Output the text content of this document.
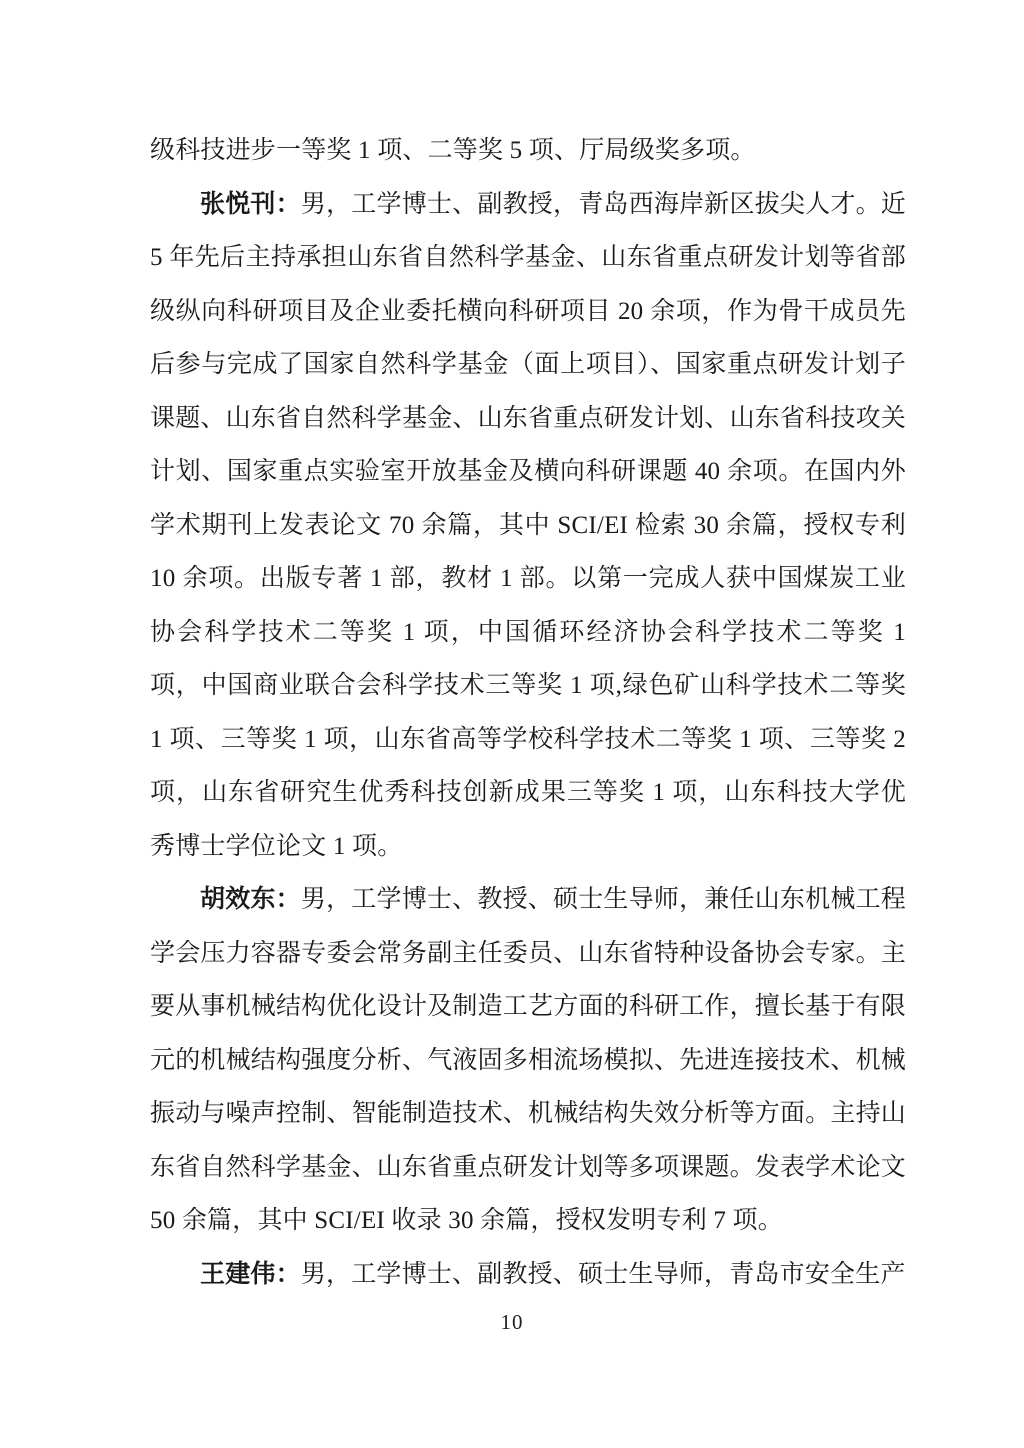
级科技进步一等奖 1 项、二等奖 5 项、厅局级奖多项。

张悦刊：男，工学博士、副教授，青岛西海岸新区拔尖人才。近 5 年先后主持承担山东省自然科学基金、山东省重点研发计划等省部级纵向科研项目及企业委托横向科研项目 20 余项，作为骨干成员先后参与完成了国家自然科学基金（面上项目）、国家重点研发计划子课题、山东省自然科学基金、山东省重点研发计划、山东省科技攻关计划、国家重点实验室开放基金及横向科研课题 40 余项。在国内外学术期刊上发表论文 70 余篇，其中 SCI/EI 检索 30 余篇，授权专利 10 余项。出版专著 1 部，教材 1 部。以第一完成人获中国煤炭工业协会科学技术二等奖 1 项，中国循环经济协会科学技术二等奖 1 项，中国商业联合会科学技术三等奖 1 项,绿色矿山科学技术二等奖 1 项、三等奖 1 项，山东省高等学校科学技术二等奖 1 项、三等奖 2 项，山东省研究生优秀科技创新成果三等奖 1 项，山东科技大学优秀博士学位论文 1 项。

胡效东：男，工学博士、教授、硕士生导师，兼任山东机械工程学会压力容器专委会常务副主任委员、山东省特种设备协会专家。主要从事机械结构优化设计及制造工艺方面的科研工作，擅长基于有限元的机械结构强度分析、气液固多相流场模拟、先进连接技术、机械振动与噪声控制、智能制造技术、机械结构失效分析等方面。主持山东省自然科学基金、山东省重点研发计划等多项课题。发表学术论文 50 余篇，其中 SCI/EI 收录 30 余篇，授权发明专利 7 项。

王建伟：男，工学博士、副教授、硕士生导师，青岛市安全生产

10
